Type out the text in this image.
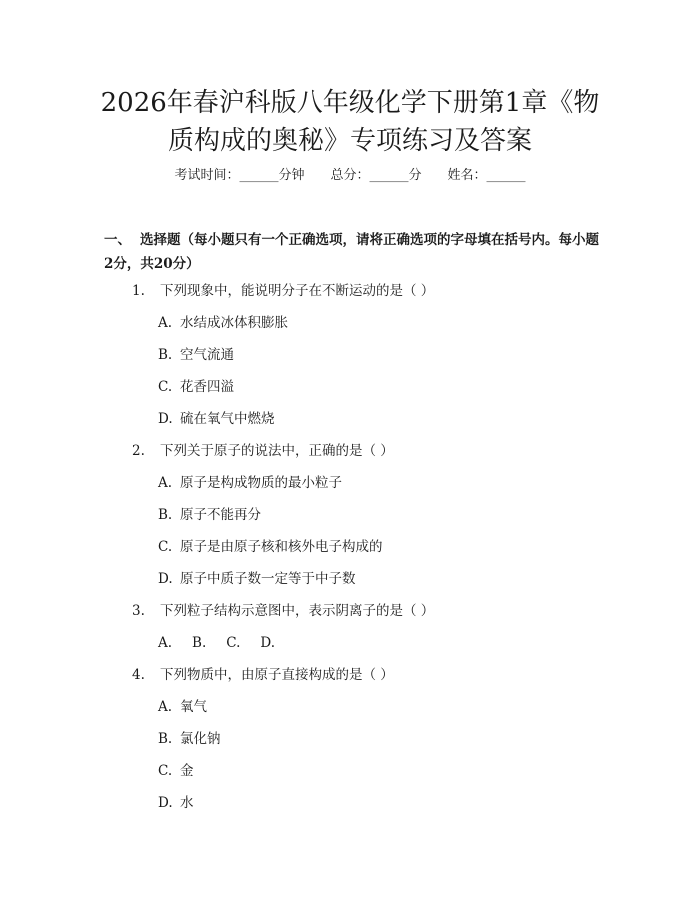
2026年春沪科版八年级化学下册第1章《物
质构成的奥秘》专项练习及答案
考试时间：______分钟 总分：______分 姓名：______
一、 选择题（每小题只有一个正确选项，请将正确选项的字母填在括号内。每小题2分，共20分）
1. 下列现象中，能说明分子在不断运动的是（ ）
A. 水结成冰体积膨胀
B. 空气流通
C. 花香四溢
D. 硫在氧气中燃烧
2. 下列关于原子的说法中，正确的是（ ）
A. 原子是构成物质的最小粒子
B. 原子不能再分
C. 原子是由原子核和核外电子构成的
D. 原子中质子数一定等于中子数
3. 下列粒子结构示意图中，表示阴离子的是（ ）
A. B. C. D.
4. 下列物质中，由原子直接构成的是（ ）
A. 氧气
B. 氯化钠
C. 金
D. 水
